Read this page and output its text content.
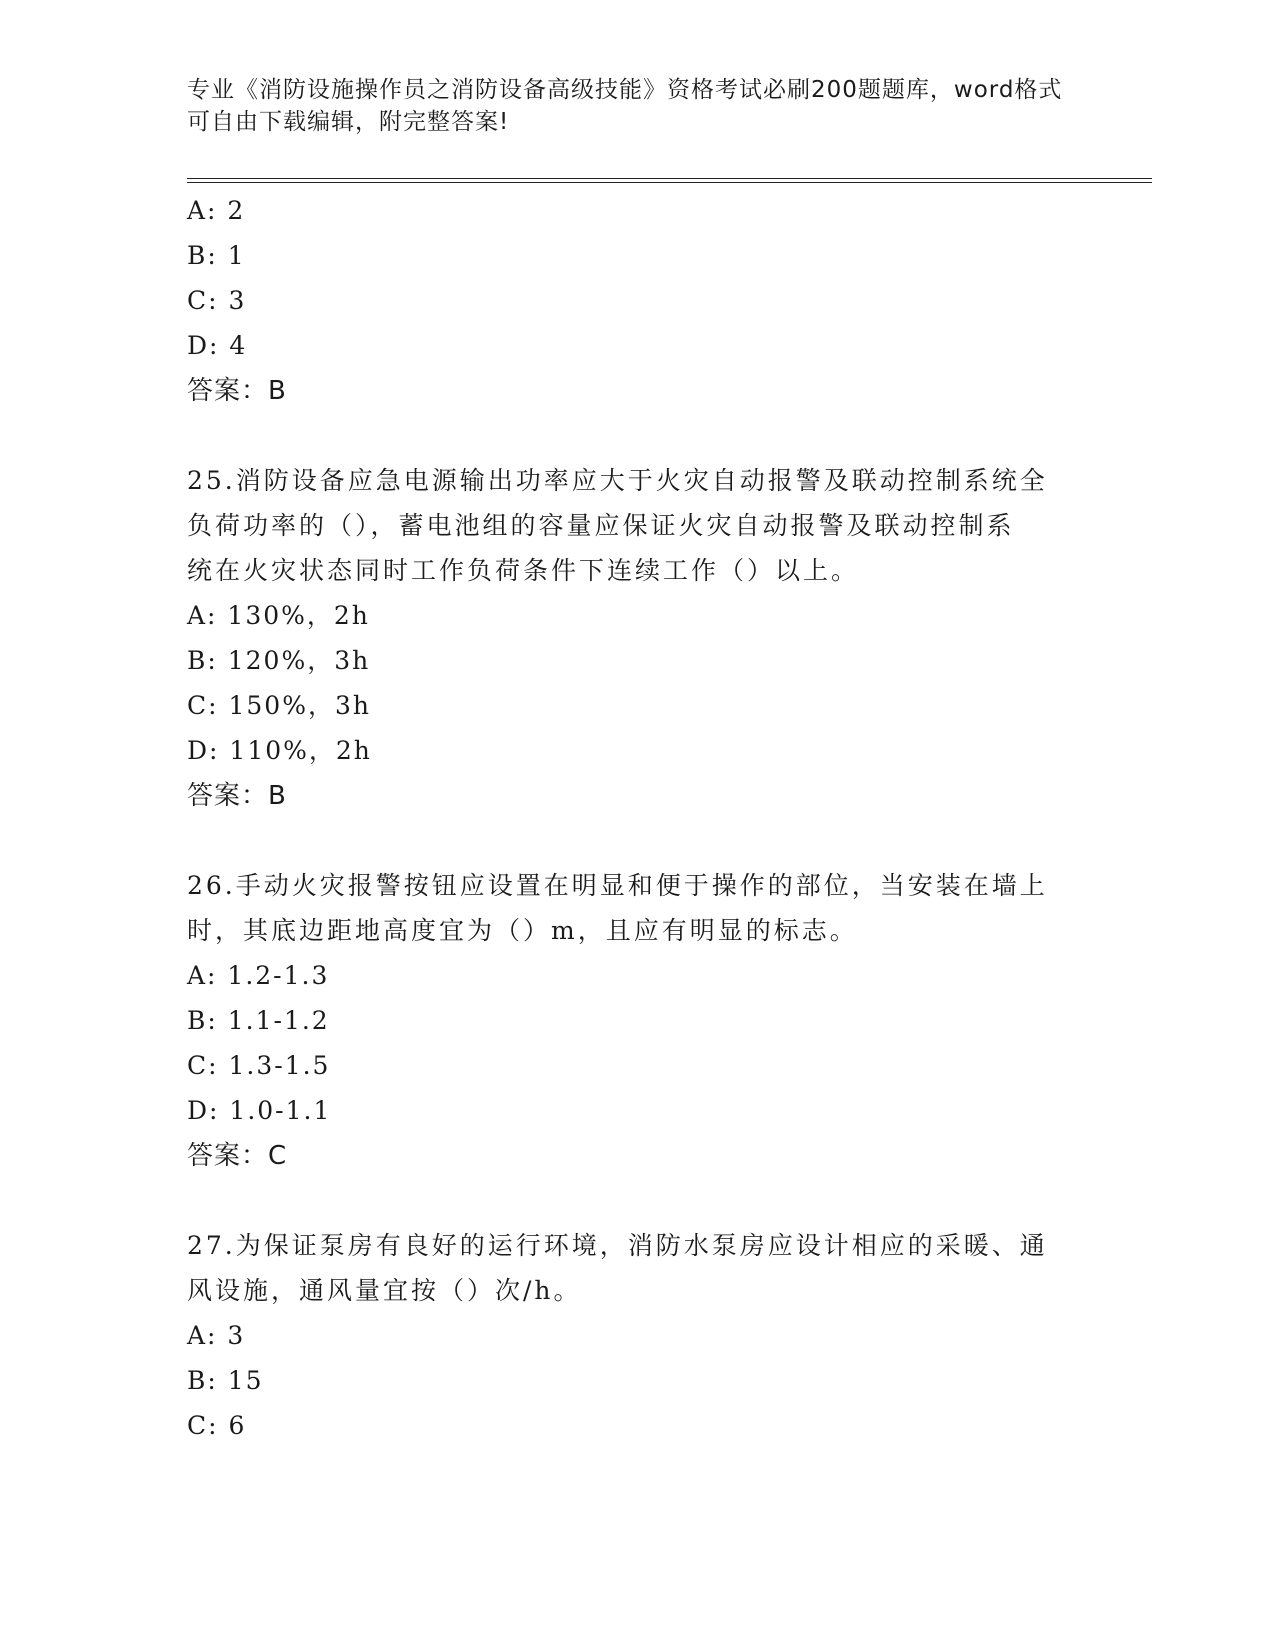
专业《消防设施操作员之消防设备高级技能》资格考试必刷200题题库，word格式可自由下载编辑，附完整答案!

A: 2

B: 1

C: 3

D: 4

答案：B

25.消防设备应急电源输出功率应大于火灾自动报警及联动控制系统全

负荷功率的（），蓄电池组的容量应保证火灾自动报警及联动控制系

统在火灾状态同时工作负荷条件下连续工作（）以上。

A: 130%，2h

B: 120%，3h

C: 150%，3h

D: 110%，2h

答案：B

26.手动火灾报警按钮应设置在明显和便于操作的部位，当安装在墙上

时，其底边距地高度宜为（）m，且应有明显的标志。

A: 1.2-1.3

B: 1.1-1.2

C: 1.3-1.5

D: 1.0-1.1

答案：C

27.为保证泵房有良好的运行环境，消防水泵房应设计相应的采暖、通

风设施，通风量宜按（）次/h。

A: 3

B: 15

C: 6
